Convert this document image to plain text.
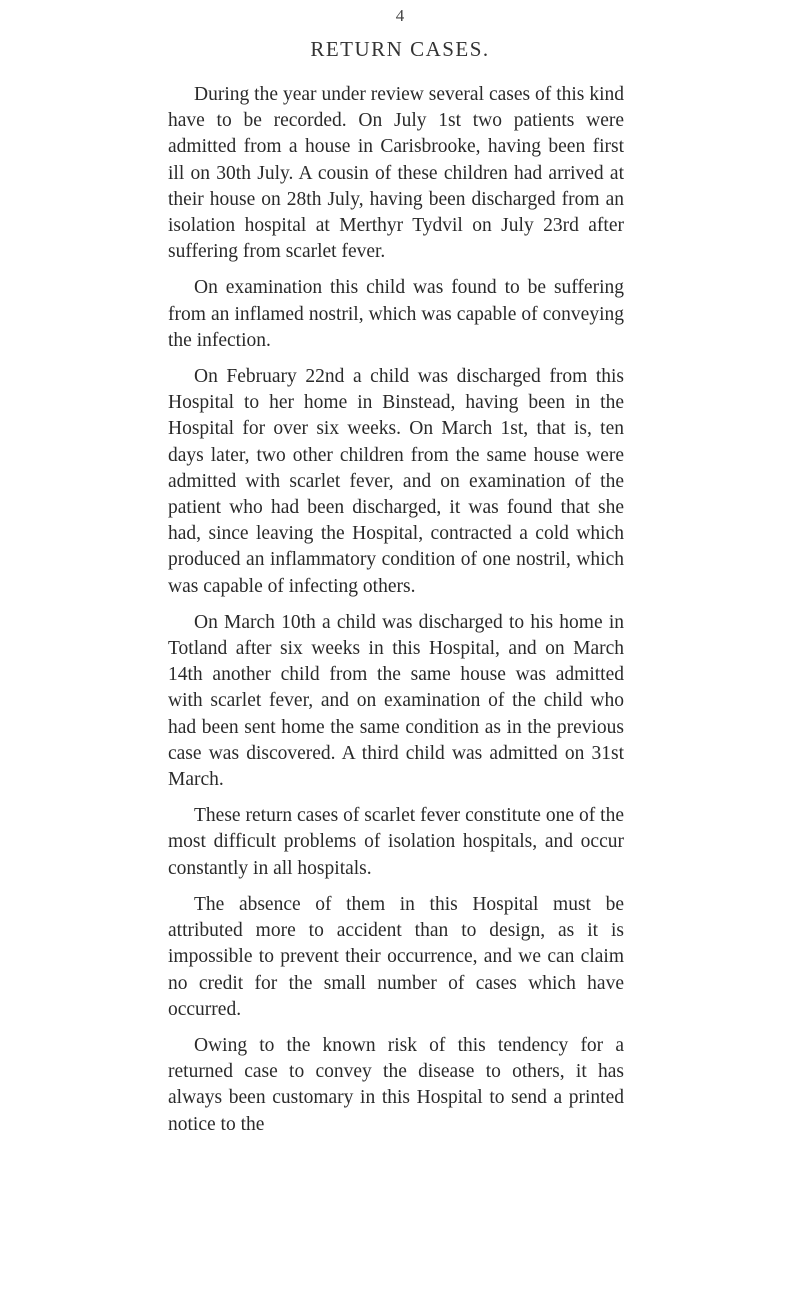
4
RETURN CASES.

During the year under review several cases of this kind have to be recorded. On July 1st two patients were admitted from a house in Carisbrooke, having been first ill on 30th July. A cousin of these children had arrived at their house on 28th July, having been discharged from an isolation hospital at Merthyr Tydvil on July 23rd after suffering from scarlet fever.

On examination this child was found to be suffering from an inflamed nostril, which was capable of conveying the infection.

On February 22nd a child was discharged from this Hospital to her home in Binstead, having been in the Hospital for over six weeks. On March 1st, that is, ten days later, two other children from the same house were admitted with scarlet fever, and on examination of the patient who had been discharged, it was found that she had, since leaving the Hospital, contracted a cold which produced an inflammatory condition of one nostril, which was capable of infecting others.

On March 10th a child was discharged to his home in Totland after six weeks in this Hospital, and on March 14th another child from the same house was admitted with scarlet fever, and on examination of the child who had been sent home the same condition as in the previous case was discovered. A third child was admitted on 31st March.

These return cases of scarlet fever constitute one of the most difficult problems of isolation hospitals, and occur constantly in all hospitals.

The absence of them in this Hospital must be attributed more to accident than to design, as it is impossible to prevent their occurrence, and we can claim no credit for the small number of cases which have occurred.

Owing to the known risk of this tendency for a returned case to convey the disease to others, it has always been customary in this Hospital to send a printed notice to the
